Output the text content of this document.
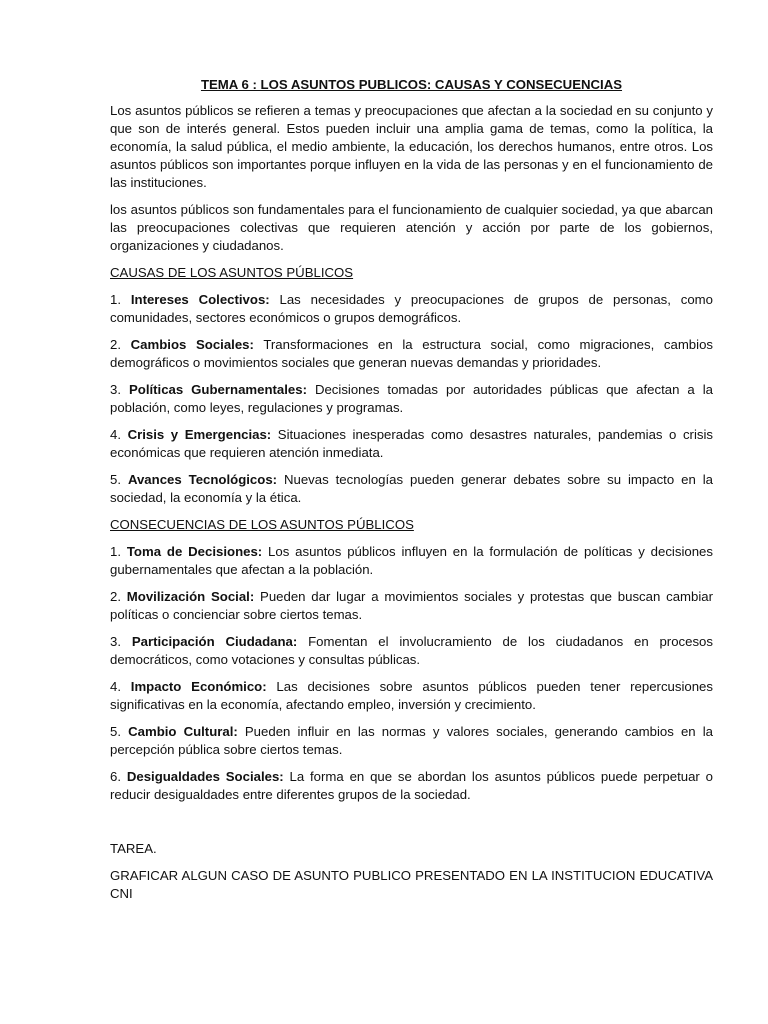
TEMA 6 : LOS ASUNTOS PUBLICOS: CAUSAS Y CONSECUENCIAS

Los asuntos públicos se refieren a temas y preocupaciones que afectan a la sociedad en su conjunto y que son de interés general. Estos pueden incluir una amplia gama de temas, como la política, la economía, la salud pública, el medio ambiente, la educación, los derechos humanos, entre otros. Los asuntos públicos son importantes porque influyen en la vida de las personas y en el funcionamiento de las instituciones.

los asuntos públicos son fundamentales para el funcionamiento de cualquier sociedad, ya que abarcan las preocupaciones colectivas que requieren atención y acción por parte de los gobiernos, organizaciones y ciudadanos.

CAUSAS DE LOS ASUNTOS PÚBLICOS

1. Intereses Colectivos: Las necesidades y preocupaciones de grupos de personas, como comunidades, sectores económicos o grupos demográficos.

2. Cambios Sociales: Transformaciones en la estructura social, como migraciones, cambios demográficos o movimientos sociales que generan nuevas demandas y prioridades.

3. Políticas Gubernamentales: Decisiones tomadas por autoridades públicas que afectan a la población, como leyes, regulaciones y programas.

4. Crisis y Emergencias: Situaciones inesperadas como desastres naturales, pandemias o crisis económicas que requieren atención inmediata.

5. Avances Tecnológicos: Nuevas tecnologías pueden generar debates sobre su impacto en la sociedad, la economía y la ética.

CONSECUENCIAS DE LOS ASUNTOS PÚBLICOS

1. Toma de Decisiones: Los asuntos públicos influyen en la formulación de políticas y decisiones gubernamentales que afectan a la población.

2. Movilización Social: Pueden dar lugar a movimientos sociales y protestas que buscan cambiar políticas o concienciar sobre ciertos temas.

3. Participación Ciudadana: Fomentan el involucramiento de los ciudadanos en procesos democráticos, como votaciones y consultas públicas.

4. Impacto Económico: Las decisiones sobre asuntos públicos pueden tener repercusiones significativas en la economía, afectando empleo, inversión y crecimiento.

5. Cambio Cultural: Pueden influir en las normas y valores sociales, generando cambios en la percepción pública sobre ciertos temas.

6. Desigualdades Sociales: La forma en que se abordan los asuntos públicos puede perpetuar o reducir desigualdades entre diferentes grupos de la sociedad.

TAREA.

GRAFICAR ALGUN CASO DE ASUNTO PUBLICO PRESENTADO EN LA INSTITUCION EDUCATIVA CNI
